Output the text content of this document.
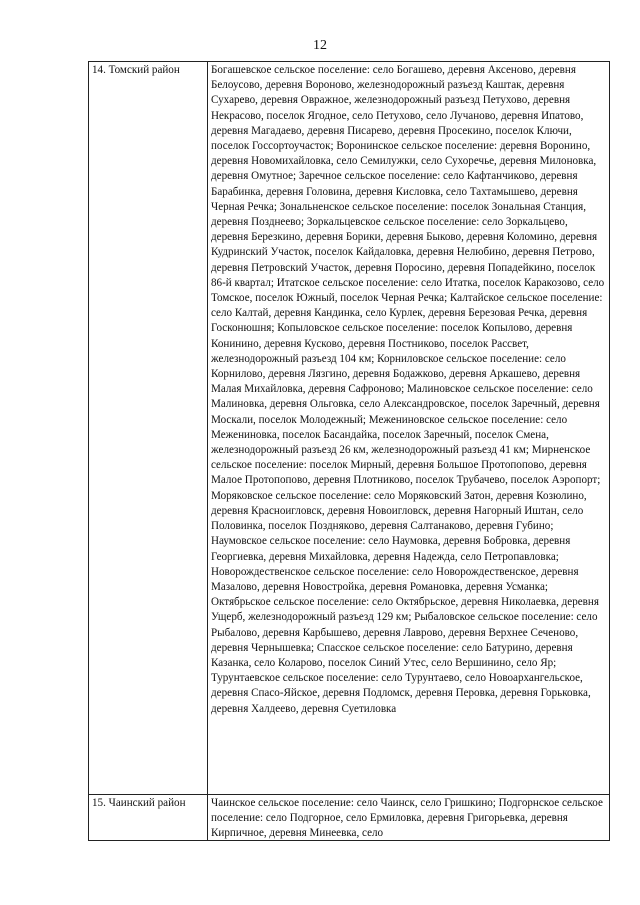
12
14. Томский район	Богашевское сельское поселение: село Богашево, деревня Аксеново, деревня Белоусово, деревня Вороново, железнодорожный разъезд Каштак, деревня Сухарево, деревня Овражное, железнодорожный разъезд Петухово, деревня Некрасово, поселок Ягодное, село Петухово, село Лучаново, деревня Ипатово, деревня Магадаево, деревня Писарево, деревня Просекино, поселок Ключи, поселок Госсортоучасток; Воронинское сельское поселение: деревня Воронино, деревня Новомихайловка, село Семилужки, село Сухоречье, деревня Милоновка, деревня Омутное; Заречное сельское поселение: село Кафтанчиково, деревня Барабинка, деревня Головина, деревня Кисловка, село Тахтамышево, деревня Черная Речка; Зональненское сельское поселение: поселок Зональная Станция, деревня Позднеево; Зоркальцевское сельское поселение: село Зоркальцево, деревня Березкино, деревня Борики, деревня Быково, деревня Коломино, деревня Кудринский Участок, поселок Кайдаловка, деревня Нелюбино, деревня Петрово, деревня Петровский Участок, деревня Поросино, деревня Попадейкино, поселок 86-й квартал; Итатское сельское поселение: село Итатка, поселок Каракозово, село Томское, поселок Южный, поселок Черная Речка; Калтайское сельское поселение: село Калтай, деревня Кандинка, село Курлек, деревня Березовая Речка, деревня Госконюшня; Копыловское сельское поселение: поселок Копылово, деревня Конинино, деревня Кусково, деревня Постниково, поселок Рассвет, железнодорожный разъезд 104 км; Корниловское сельское поселение: село Корнилово, деревня Лязгино, деревня Бодажково, деревня Аркашево, деревня Малая Михайловка, деревня Сафроново; Малиновское сельское поселение: село Малиновка, деревня Ольговка, село Александровское, поселок Заречный, деревня Москали, поселок Молодежный; Межениновское сельское поселение: село Межениновка, поселок Басандайка, поселок Заречный, поселок Смена, железнодорожный разъезд 26 км, железнодорожный разъезд 41 км; Мирненское сельское поселение: поселок Мирный, деревня Большое Протопопово, деревня Малое Протопопово, деревня Плотниково, поселок Трубачево, поселок Аэропорт; Моряковское сельское поселение: село Моряковский Затон, деревня Козюлино, деревня Красноигловск, деревня Новоигловск, деревня Нагорный Иштан, село Половинка, поселок Поздняково, деревня Салтанаково, деревня Губино; Наумовское сельское поселение: село Наумовка, деревня Бобровка, деревня Георгиевка, деревня Михайловка, деревня Надежда, село Петропавловка; Новорождественское сельское поселение: село Новорождественское, деревня Мазалово, деревня Новостройка, деревня Романовка, деревня Усманка; Октябрьское сельское поселение: село Октябрьское, деревня Николаевка, деревня Ущерб, железнодорожный разъезд 129 км; Рыбаловское сельское поселение: село Рыбалово, деревня Карбышево, деревня Лаврово, деревня Верхнее Сеченово, деревня Чернышевка; Спасское сельское поселение: село Батурино, деревня Казанка, село Коларово, поселок Синий Утес, село Вершинино, село Яр; Турунтаевское сельское поселение: село Турунтаево, село Новоархангельское, деревня Спасо-Яйское, деревня Подломск, деревня Перовка, деревня Горьковка, деревня Халдеево, деревня Суетиловка

15. Чаинский район	Чаинское сельское поселение: село Чаинск, село Гришкино; Подгорнское сельское поселение: село Подгорное, село Ермиловка, деревня Григорьевка, деревня Кирпичное, деревня Минеевка, село
